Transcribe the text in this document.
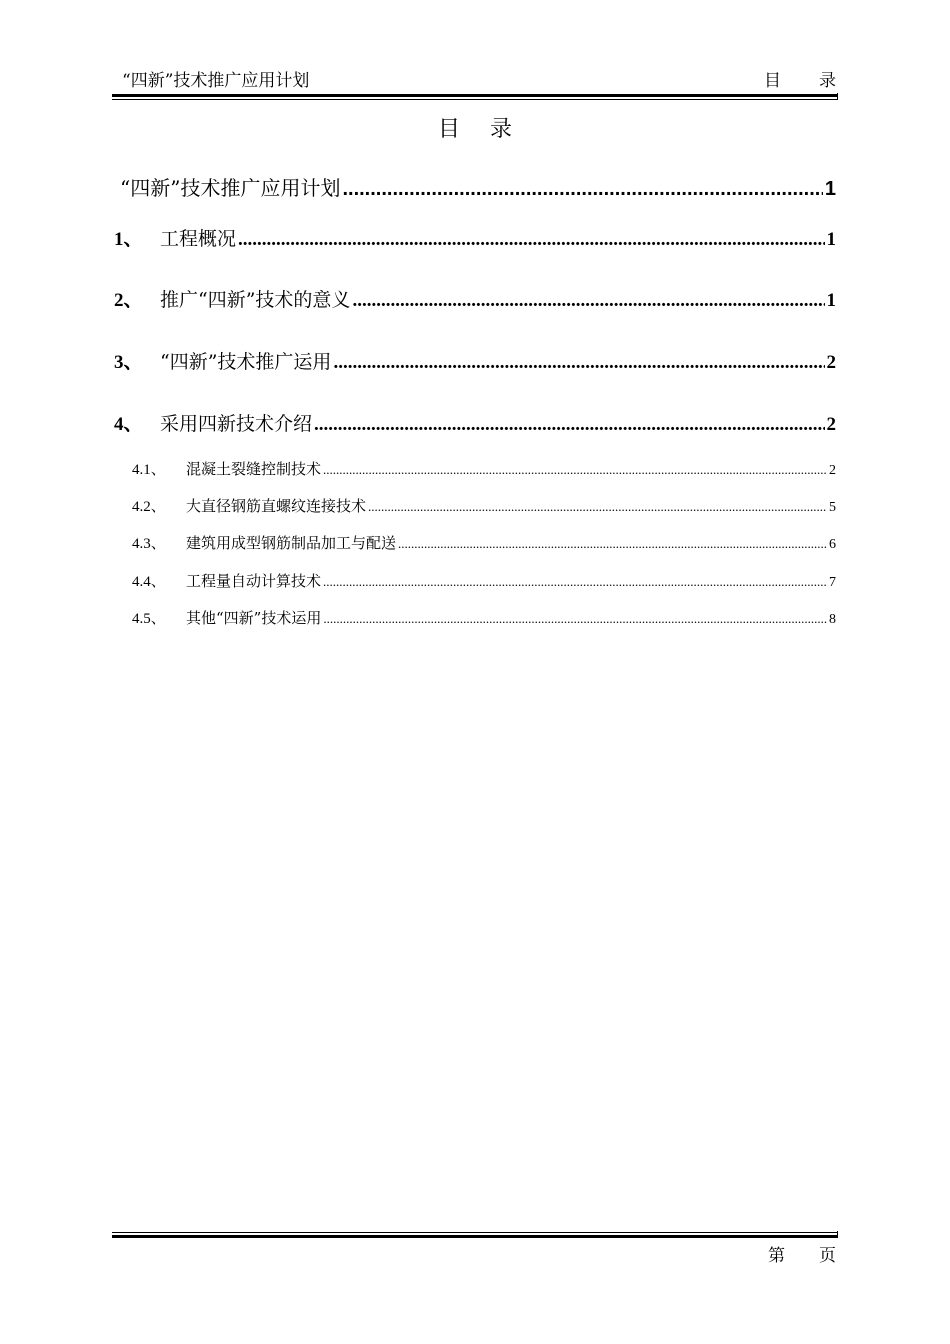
“四新”技术推广应用计划	目录
目录
“四新”技术推广应用计划 .....	1
1、 工程概况 .....	1
2、 推广“四新”技术的意义 .....	1
3、 “四新”技术推广运用 .....	2
4、 采用四新技术介绍 .....	2
4.1、	混凝土裂缝控制技术 .....	2
4.2、	大直径钢筋直螺纹连接技术 .....	5
4.3、	建筑用成型钢筋制品加工与配送 .....	6
4.4、	工程量自动计算技术 .....	7
4.5、	其他“四新”技术运用 .....	8
第页
